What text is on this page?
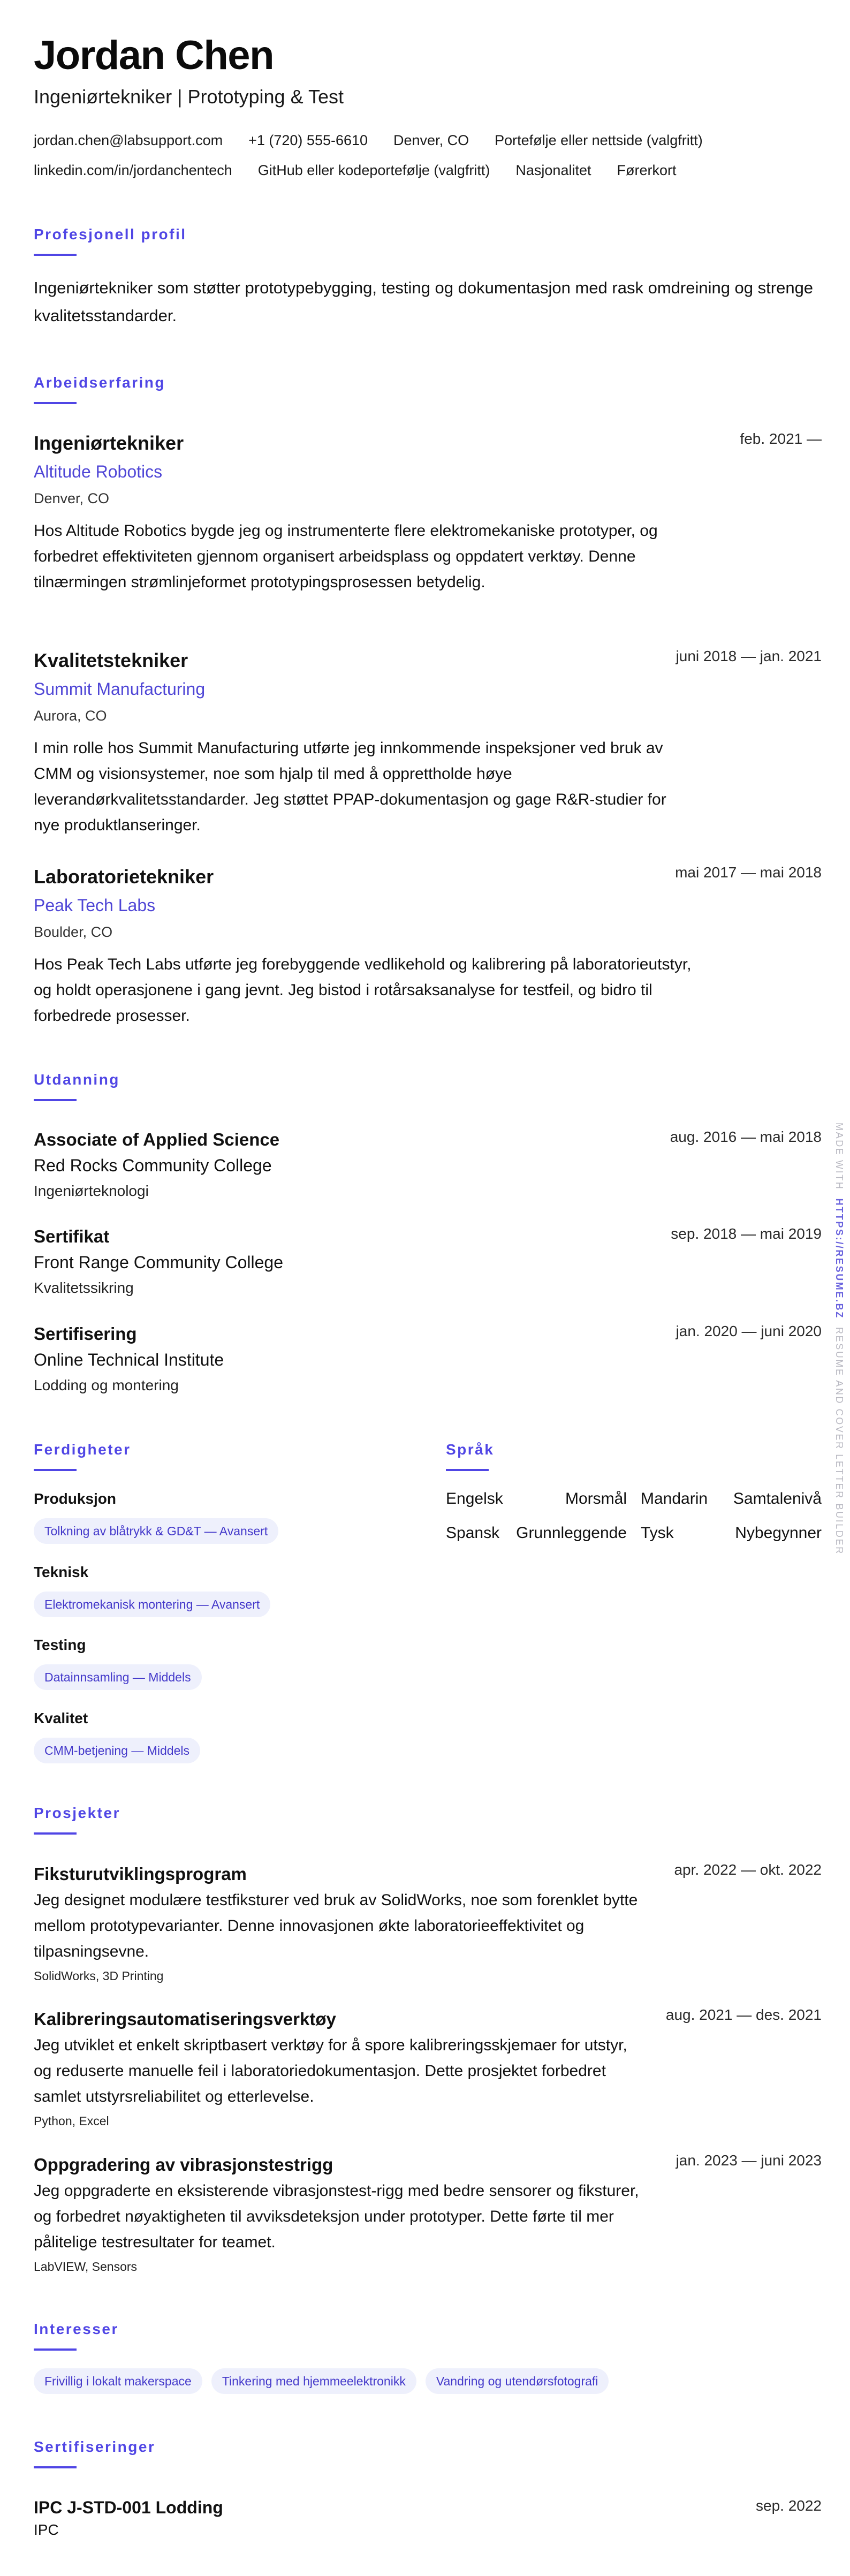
Jordan Chen
Ingeniørtekniker | Prototyping & Test
jordan.chen@labsupport.com +1 (720) 555-6610 Denver, CO Portefølje eller nettside (valgfritt)
linkedin.com/in/jordanchentech GitHub eller kodeportefølje (valgfritt) Nasjonalitet Førerkort
Profesjonell profil
Ingeniørtekniker som støtter prototypebygging, testing og dokumentasjon med rask omdreining og strenge kvalitetsstandarder.
Arbeidserfaring
feb. 2021 —
Ingeniørtekniker
Altitude Robotics
Denver, CO
Hos Altitude Robotics bygde jeg og instrumenterte flere elektromekaniske prototyper, og forbedret effektiviteten gjennom organisert arbeidsplass og oppdatert verktøy. Denne tilnærmingen strømlinjeformet prototypingsprosessen betydelig.
juni 2018 — jan. 2021
Kvalitetstekniker
Summit Manufacturing
Aurora, CO
I min rolle hos Summit Manufacturing utførte jeg innkommende inspeksjoner ved bruk av CMM og visionsystemer, noe som hjalp til med å opprettholde høye leverandørkvalitetsstandarder. Jeg støttet PPAP-dokumentasjon og gage R&R-studier for nye produktlanseringer.
mai 2017 — mai 2018
Laboratorietekniker
Peak Tech Labs
Boulder, CO
Hos Peak Tech Labs utførte jeg forebyggende vedlikehold og kalibrering på laboratorieutstyr, og holdt operasjonene i gang jevnt. Jeg bistod i rotårsaksanalyse for testfeil, og bidro til forbedrede prosesser.
Utdanning
aug. 2016 — mai 2018
Associate of Applied Science
Red Rocks Community College
Ingeniørteknologi
sep. 2018 — mai 2019
Sertifikat
Front Range Community College
Kvalitetssikring
jan. 2020 — juni 2020
Sertifisering
Online Technical Institute
Lodding og montering
Ferdigheter
Produksjon
Tolkning av blåtrykk & GD&T — Avansert
Teknisk
Elektromekanisk montering — Avansert
Testing
Datainnsamling — Middels
Kvalitet
CMM-betjening — Middels
Språk
Engelsk	Morsmål Mandarin Samtalenivå
Spansk Grunnleggende Tysk	Nybegynner
Prosjekter
apr. 2022 — okt. 2022
Fiksturutviklingsprogram
Jeg designet modulære testfiksturer ved bruk av SolidWorks, noe som forenklet bytte mellom prototypevarianter. Denne innovasjonen økte laboratorieeffektivitet og tilpasningsevne.
SolidWorks, 3D Printing
aug. 2021 — des. 2021
Kalibreringsautomatiseringsverktøy
Jeg utviklet et enkelt skriptbasert verktøy for å spore kalibreringsskjemaer for utstyr, og reduserte manuelle feil i laboratoriedokumentasjon. Dette prosjektet forbedret samlet utstyrsreliabilitet og etterlevelse.
Python, Excel
jan. 2023 — juni 2023
Oppgradering av vibrasjonstestrigg
Jeg oppgraderte en eksisterende vibrasjonstest-rigg med bedre sensorer og fiksturer, og forbedret nøyaktigheten til avviksdeteksjon under prototyper. Dette førte til mer pålitelige testresultater for teamet.
LabVIEW, Sensors
Interesser
Frivillig i lokalt makerspace	Tinkering med hjemmeelektronikk	Vandring og utendørsfotografi
Sertifiseringer
sep. 2022
IPC J-STD-001 Lodding
IPC
MADE WITH  HTTPS://RESUME.BZ  RESUME AND COVER LETTER BUILDER
